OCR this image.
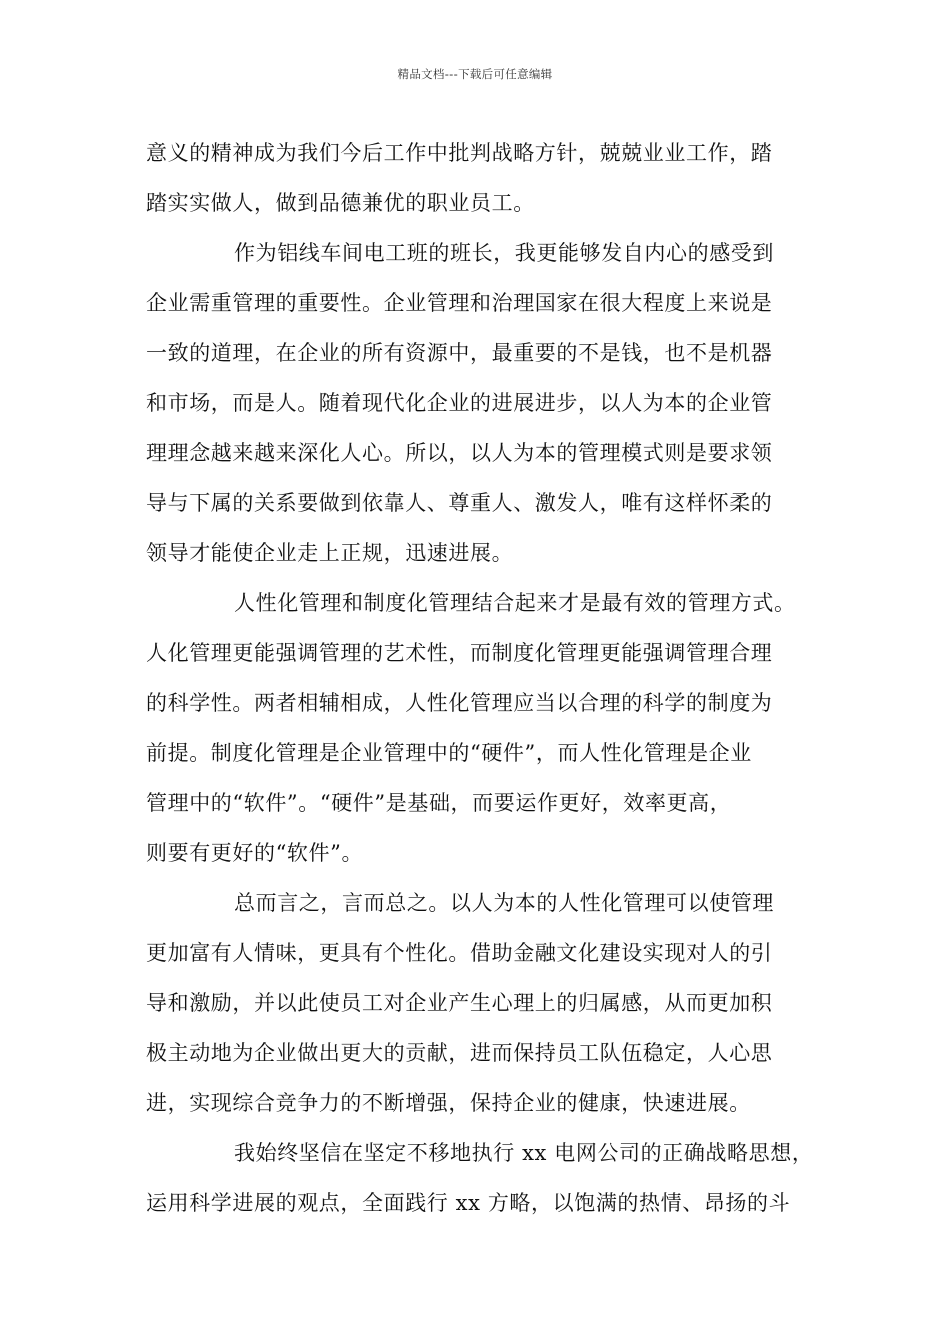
精品文档---下载后可任意编辑
意义的精神成为我们今后工作中批判战略方针，兢兢业业工作，踏
踏实实做人，做到品德兼优的职业员工。
作为铝线车间电工班的班长，我更能够发自内心的感受到
企业需重管理的重要性。企业管理和治理国家在很大程度上来说是
一致的道理，在企业的所有资源中，最重要的不是钱，也不是机器
和市场，而是人。随着现代化企业的进展进步，以人为本的企业管
理理念越来越来深化人心。所以，以人为本的管理模式则是要求领
导与下属的关系要做到依靠人、尊重人、激发人，唯有这样怀柔的
领导才能使企业走上正规，迅速进展。
人性化管理和制度化管理结合起来才是最有效的管理方式。
人化管理更能强调管理的艺术性，而制度化管理更能强调管理合理
的科学性。两者相辅相成，人性化管理应当以合理的科学的制度为
前提。制度化管理是企业管理中的“硬件”，而人性化管理是企业
管理中的“软件”。“硬件”是基础，而要运作更好，效率更高，
则要有更好的“软件”。
总而言之，言而总之。以人为本的人性化管理可以使管理
更加富有人情味，更具有个性化。借助金融文化建设实现对人的引
导和激励，并以此使员工对企业产生心理上的归属感，从而更加积
极主动地为企业做出更大的贡献，进而保持员工队伍稳定，人心思
进，实现综合竞争力的不断增强，保持企业的健康，快速进展。
我始终坚信在坚定不移地执行 xx 电网公司的正确战略思想，
运用科学进展的观点，全面践行 xx 方略，以饱满的热情、昂扬的斗
